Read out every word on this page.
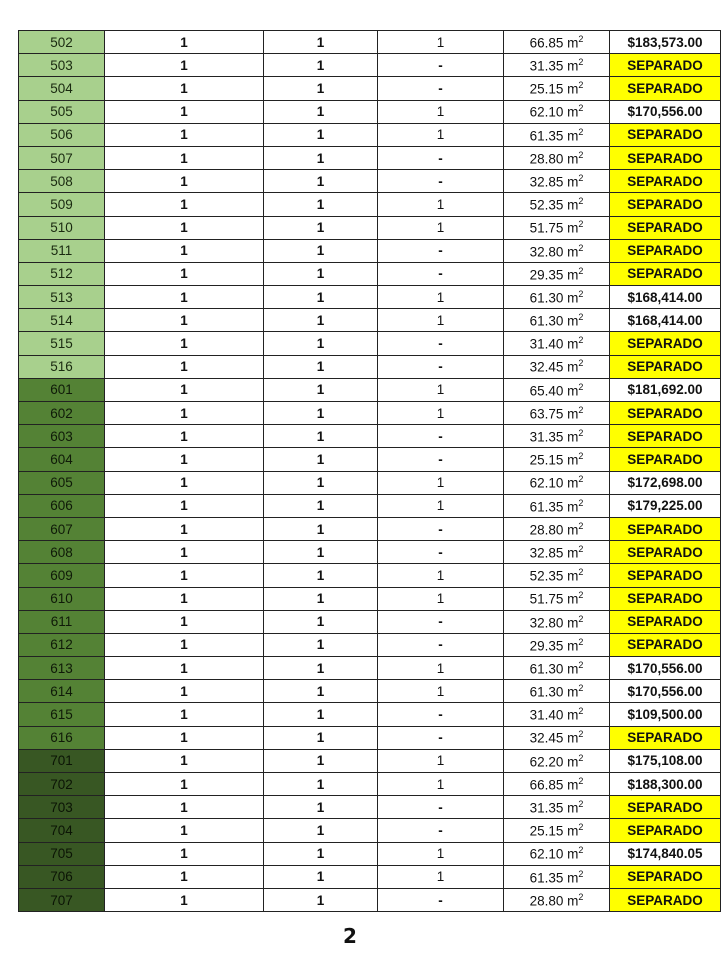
502	1	1	1	66.85 $m^2$	$183,573.00
503	1	1	-	31.35 $m^2$	SEPARADO
504	1	1	-	25.15 $m^2$	SEPARADO
505	1	1	1	62.10 $m^2$	$170,556.00
506	1	1	1	61.35 $m^2$	SEPARADO
507	1	1	-	28.80 $m^2$	SEPARADO
508	1	1	-	32.85 $m^2$	SEPARADO
509	1	1	1	52.35 $m^2$	SEPARADO
510	1	1	1	51.75 $m^2$	SEPARADO
511	1	1	-	32.80 $m^2$	SEPARADO
512	1	1	-	29.35 $m^2$	SEPARADO
513	1	1	1	61.30 $m^2$	$168,414.00
514	1	1	1	61.30 $m^2$	$168,414.00
515	1	1	-	31.40 $m^2$	SEPARADO
516	1	1	-	32.45 $m^2$	SEPARADO
601	1	1	1	65.40 $m^2$	$181,692.00
602	1	1	1	63.75 $m^2$	SEPARADO
603	1	1	-	31.35 $m^2$	SEPARADO
604	1	1	-	25.15 $m^2$	SEPARADO
605	1	1	1	62.10 $m^2$	$172,698.00
606	1	1	1	61.35 $m^2$	$179,225.00
607	1	1	-	28.80 $m^2$	SEPARADO
608	1	1	-	32.85 $m^2$	SEPARADO
609	1	1	1	52.35 $m^2$	SEPARADO
610	1	1	1	51.75 $m^2$	SEPARADO
611	1	1	-	32.80 $m^2$	SEPARADO
612	1	1	-	29.35 $m^2$	SEPARADO
613	1	1	1	61.30 $m^2$	$170,556.00
614	1	1	1	61.30 $m^2$	$170,556.00
615	1	1	-	31.40 $m^2$	$109,500.00
616	1	1	-	32.45 $m^2$	SEPARADO
701	1	1	1	62.20 $m^2$	$175,108.00
702	1	1	1	66.85 $m^2$	$188,300.00
703	1	1	-	31.35 $m^2$	SEPARADO
704	1	1	-	25.15 $m^2$	SEPARADO
705	1	1	1	62.10 $m^2$	$174,840.05
706	1	1	1	61.35 $m^2$	SEPARADO
707	1	1	-	28.80 $m^2$	SEPARADO
2
